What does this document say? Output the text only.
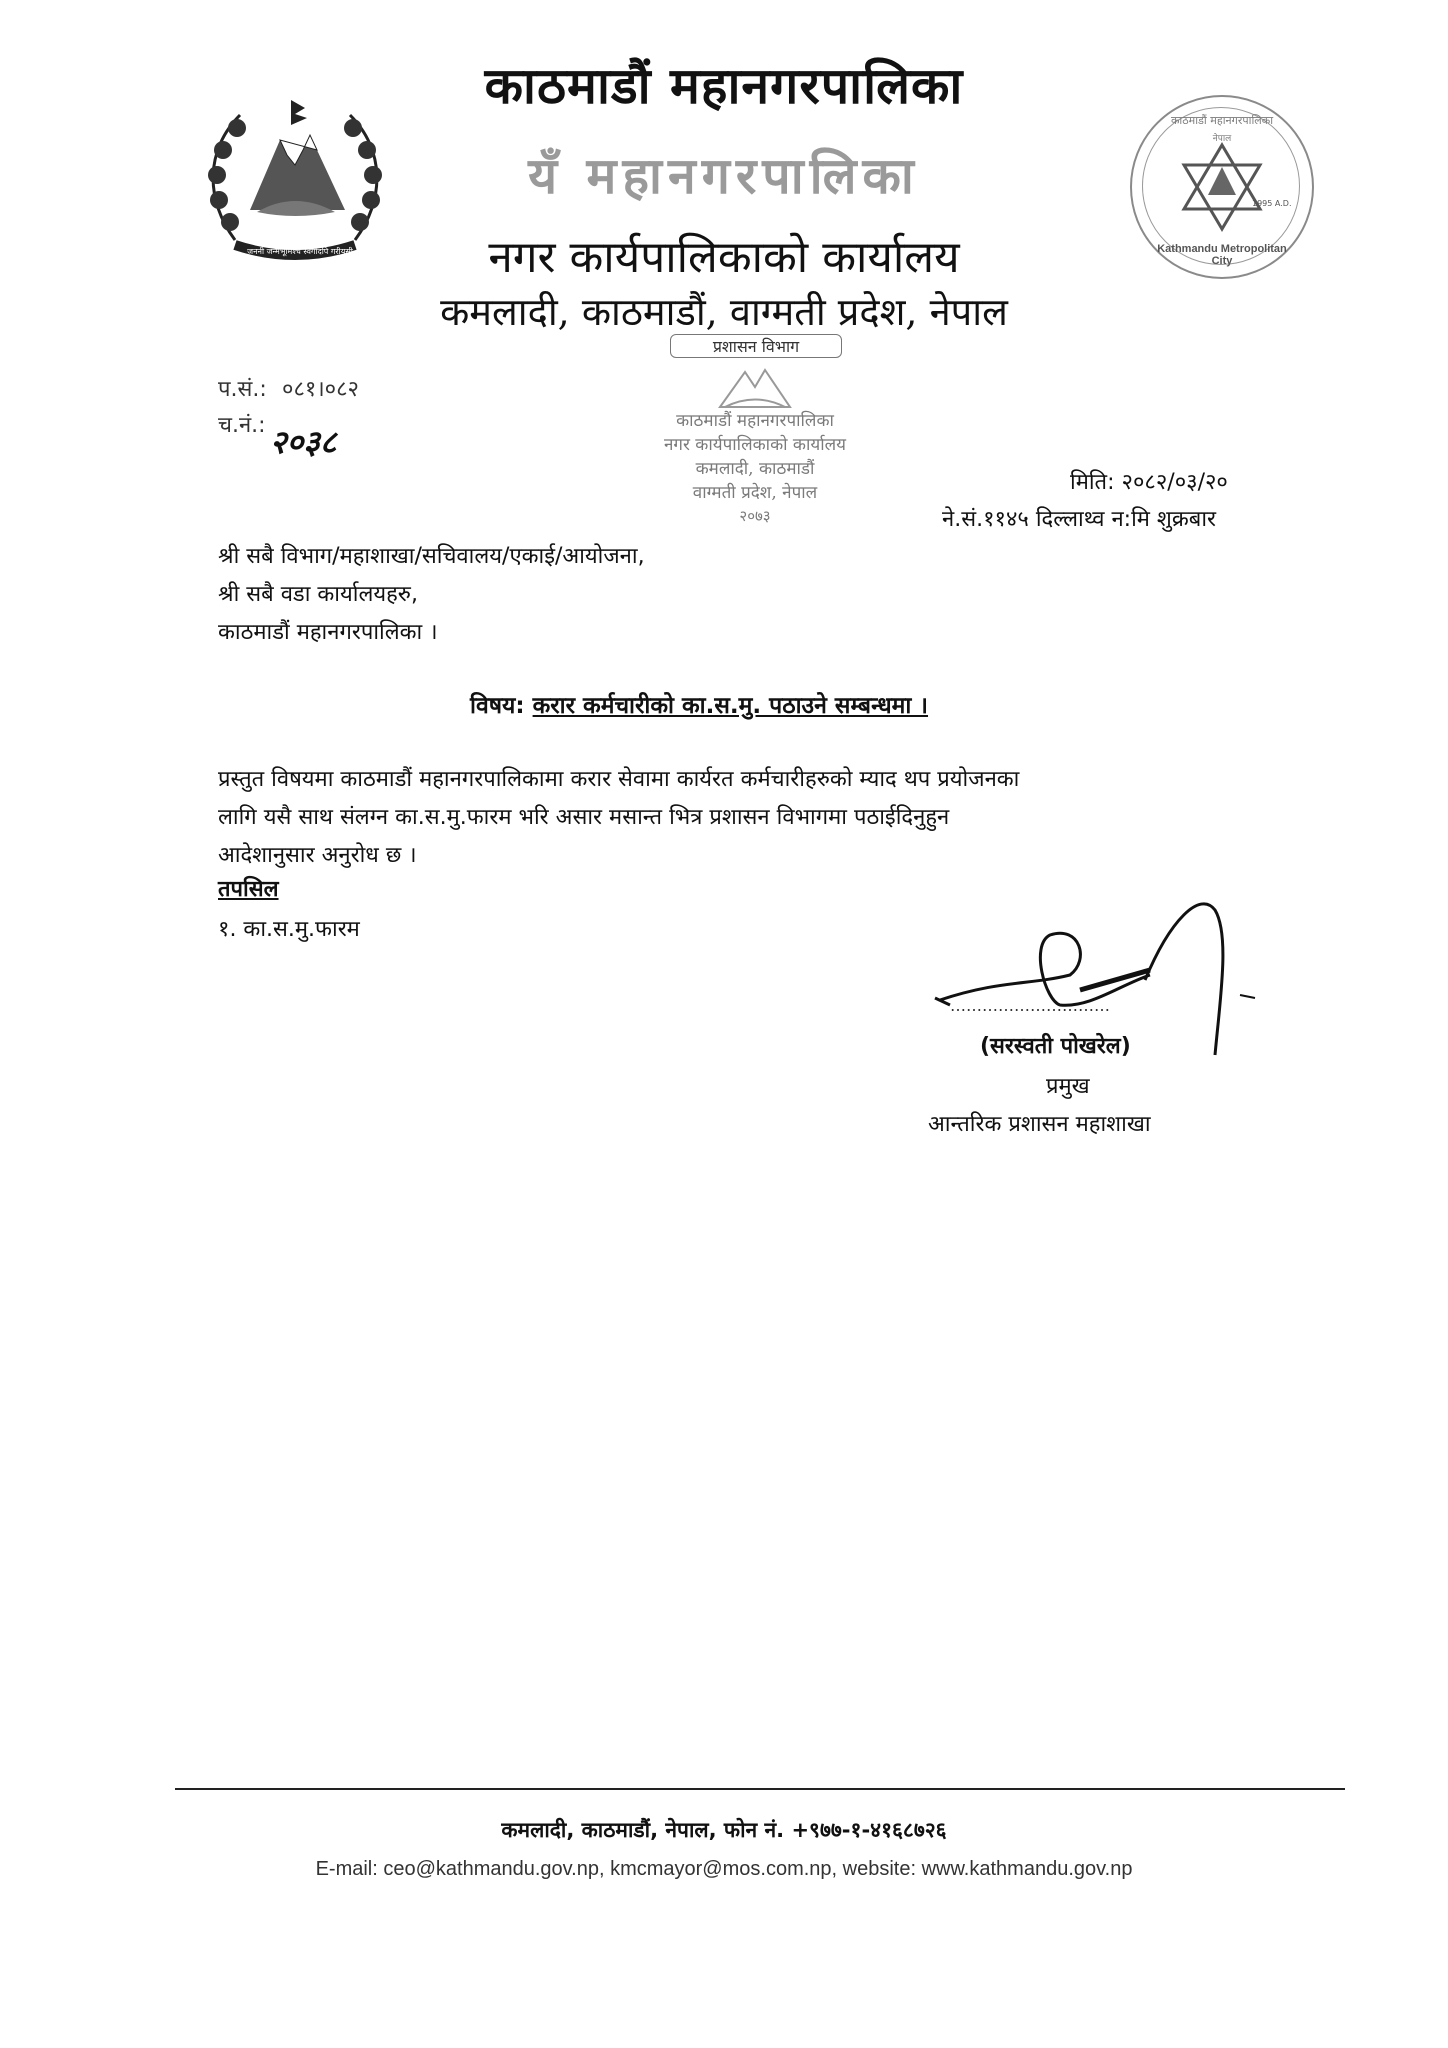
जननी जन्मभूमिश्च स्वर्गादपि गरीयसी
काठमाडौं महानगरपालिका
यँ महानगरपालिका
नगर कार्यपालिकाको कार्यालय
कमलादी, काठमाडौं, वाग्मती प्रदेश, नेपाल
काठमाडौं महानगरपालिका
नेपाल
1995 A.D.
Kathmandu Metropolitan City
प्रशासन विभाग
काठमाडौं महानगरपालिका
नगर कार्यपालिकाको कार्यालय
कमलादी, काठमाडौं
वाग्मती प्रदेश, नेपाल
२०७३
प.सं.: ०८१।०८२
च.नं.: २०३८
मिति: २०८२/०३/२०
ने.सं.११४५ दिल्लाथ्व न:मि शुक्रबार
श्री सबै विभाग/महाशाखा/सचिवालय/एकाई/आयोजना,
श्री सबै वडा कार्यालयहरु,
काठमाडौं महानगरपालिका ।
विषय: करार कर्मचारीको का.स.मु. पठाउने सम्बन्धमा ।
प्रस्तुत विषयमा काठमाडौं महानगरपालिकामा करार सेवामा कार्यरत कर्मचारीहरुको म्याद थप प्रयोजनका
लागि यसै साथ संलग्न का.स.मु.फारम भरि असार मसान्त भित्र प्रशासन विभागमा पठाईदिनुहुन
आदेशानुसार अनुरोध छ ।
तपसिल
१. का.स.मु.फारम
…………………………
(सरस्वती पोखरेल)
प्रमुख
आन्तरिक प्रशासन महाशाखा
कमलादी, काठमाडौं, नेपाल, फोन नं. +९७७-१-४१६८७२६
E-mail: ceo@kathmandu.gov.np, kmcmayor@mos.com.np, website: www.kathmandu.gov.np
